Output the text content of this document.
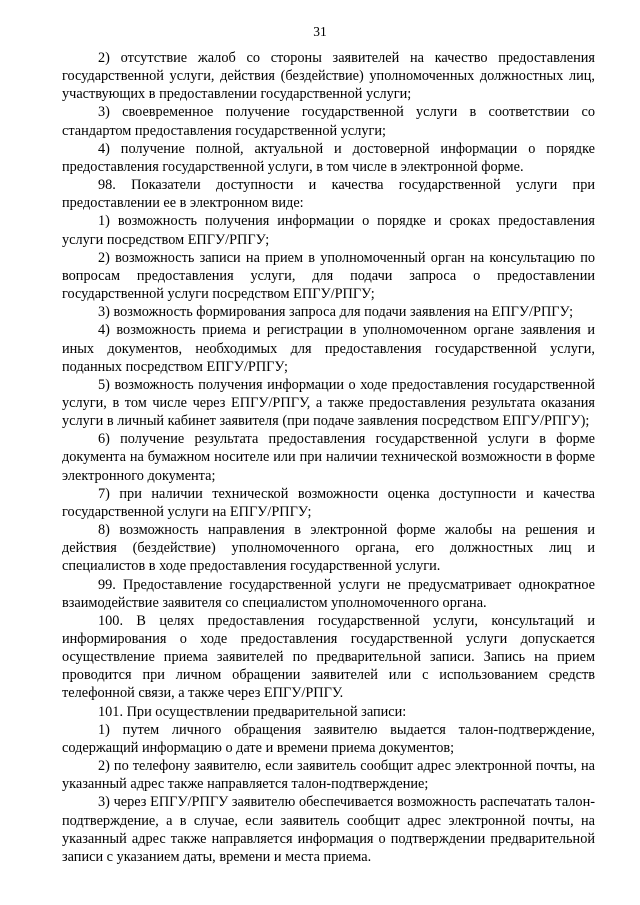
31

2) отсутствие жалоб со стороны заявителей на качество предоставления государственной услуги, действия (бездействие) уполномоченных должностных лиц, участвующих в предоставлении государственной услуги;

3) своевременное получение государственной услуги в соответствии со стандартом предоставления государственной услуги;

4) получение полной, актуальной и достоверной информации о порядке предоставления государственной услуги, в том числе в электронной форме.

98. Показатели доступности и качества государственной услуги при предоставлении ее в электронном виде:

1) возможность получения информации о порядке и сроках предоставления услуги посредством ЕПГУ/РПГУ;

2) возможность записи на прием в уполномоченный орган на консультацию по вопросам предоставления услуги, для подачи запроса о предоставлении государственной услуги посредством ЕПГУ/РПГУ;

3) возможность формирования запроса для подачи заявления на ЕПГУ/РПГУ;

4) возможность приема и регистрации в уполномоченном органе заявления и иных документов, необходимых для предоставления государственной услуги, поданных посредством ЕПГУ/РПГУ;

5) возможность получения информации о ходе предоставления государственной услуги, в том числе через ЕПГУ/РПГУ, а также предоставления результата оказания услуги в личный кабинет заявителя (при подаче заявления посредством ЕПГУ/РПГУ);

6) получение результата предоставления государственной услуги в форме документа на бумажном носителе или при наличии технической возможности в форме электронного документа;

7) при наличии технической возможности оценка доступности и качества государственной услуги на ЕПГУ/РПГУ;

8) возможность направления в электронной форме жалобы на решения и действия (бездействие) уполномоченного органа, его должностных лиц и специалистов в ходе предоставления государственной услуги.

99. Предоставление государственной услуги не предусматривает однократное взаимодействие заявителя со специалистом уполномоченного органа.

100. В целях предоставления государственной услуги, консультаций и информирования о ходе предоставления государственной услуги допускается осуществление приема заявителей по предварительной записи. Запись на прием проводится при личном обращении заявителей или с использованием средств телефонной связи, а также через ЕПГУ/РПГУ.

101. При осуществлении предварительной записи:

1) путем личного обращения заявителю выдается талон-подтверждение, содержащий информацию о дате и времени приема документов;

2) по телефону заявителю, если заявитель сообщит адрес электронной почты, на указанный адрес также направляется талон-подтверждение;

3) через ЕПГУ/РПГУ заявителю обеспечивается возможность распечатать талон-подтверждение, а в случае, если заявитель сообщит адрес электронной почты, на указанный адрес также направляется информация о подтверждении предварительной записи с указанием даты, времени и места приема.
